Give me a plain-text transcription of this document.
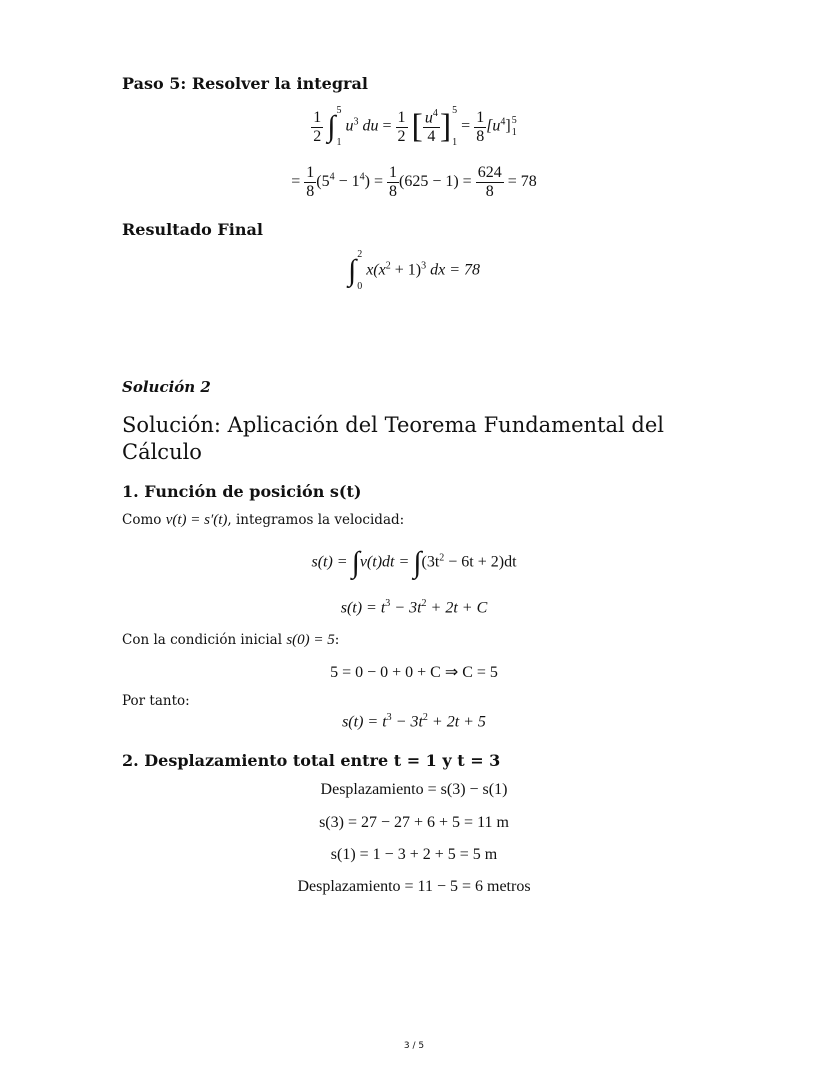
Paso 5: Resolver la integral
$\frac{1}{2}$ ∫ 5
1
$u^3$ du = $\frac{1}{2}$ [ $\frac{u^4}{4}$ ] 5
1
= $\frac{1}{8} [u^4]$ 5
1
= $\frac{1}{8} (5^4 - 1^4) = \frac{1}{8} (625 - 1) = \frac{624}{8} = 78$
Resultado Final
∫ 2
0
$x(x^2 + 1)^3$ dx = 78
Solución 2
Solución: Aplicación del Teorema Fundamental del Cálculo
1. Función de posición s(t)
Como v(t) = s′(t), integramos la velocidad:
$s(t) = \int v(t)dt = \int(3t^2 - 6t + 2)dt$
$s(t) = t^3 - 3t^2 + 2t + C$
Con la condición inicial s(0) = 5:
5 = 0 − 0 + 0 + C ⇒ C = 5
Por tanto:
$s(t) = t^3 - 3t^2 + 2t + 5$
2. Desplazamiento total entre t = 1 y t = 3
Desplazamiento = s(3) − s(1)
s(3) = 27 − 27 + 6 + 5 = 11 m
s(1) = 1 − 3 + 2 + 5 = 5 m
Desplazamiento = 11 − 5 = 6 metros
3 / 5
